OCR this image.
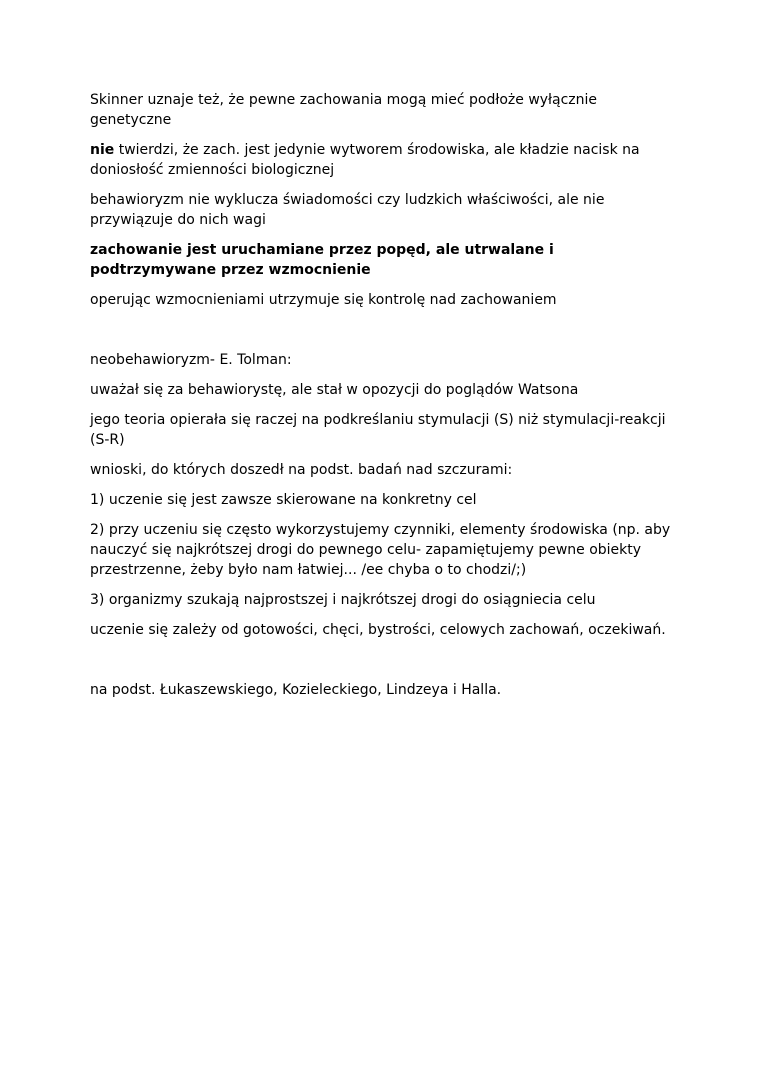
Skinner uznaje też, że pewne zachowania mogą mieć podłoże wyłącznie genetyczne

nie twierdzi, że zach. jest jedynie wytworem środowiska, ale kładzie nacisk na doniosłość zmienności biologicznej

behawioryzm nie wyklucza świadomości czy ludzkich właściwości, ale nie przywiązuje do nich wagi

zachowanie jest uruchamiane przez popęd, ale utrwalane i podtrzymywane przez wzmocnienie

operując wzmocnieniami utrzymuje się kontrolę nad zachowaniem

neobehawioryzm- E. Tolman:

uważał się za behawiorystę, ale stał w opozycji do poglądów Watsona

jego teoria opierała się raczej na podkreślaniu stymulacji (S) niż stymulacji-reakcji (S-R)

wnioski, do których doszedł na podst. badań nad szczurami:

1) uczenie się jest zawsze skierowane na konkretny cel

2) przy uczeniu się często wykorzystujemy czynniki, elementy środowiska (np. aby nauczyć się najkrótszej drogi do pewnego celu- zapamiętujemy pewne obiekty przestrzenne, żeby było nam łatwiej... /ee chyba o to chodzi/;)

3) organizmy szukają najprostszej i najkrótszej drogi do osiągniecia celu

uczenie się zależy od gotowości, chęci, bystrości, celowych zachowań, oczekiwań.

na podst. Łukaszewskiego, Kozieleckiego, Lindzeya i Halla.
